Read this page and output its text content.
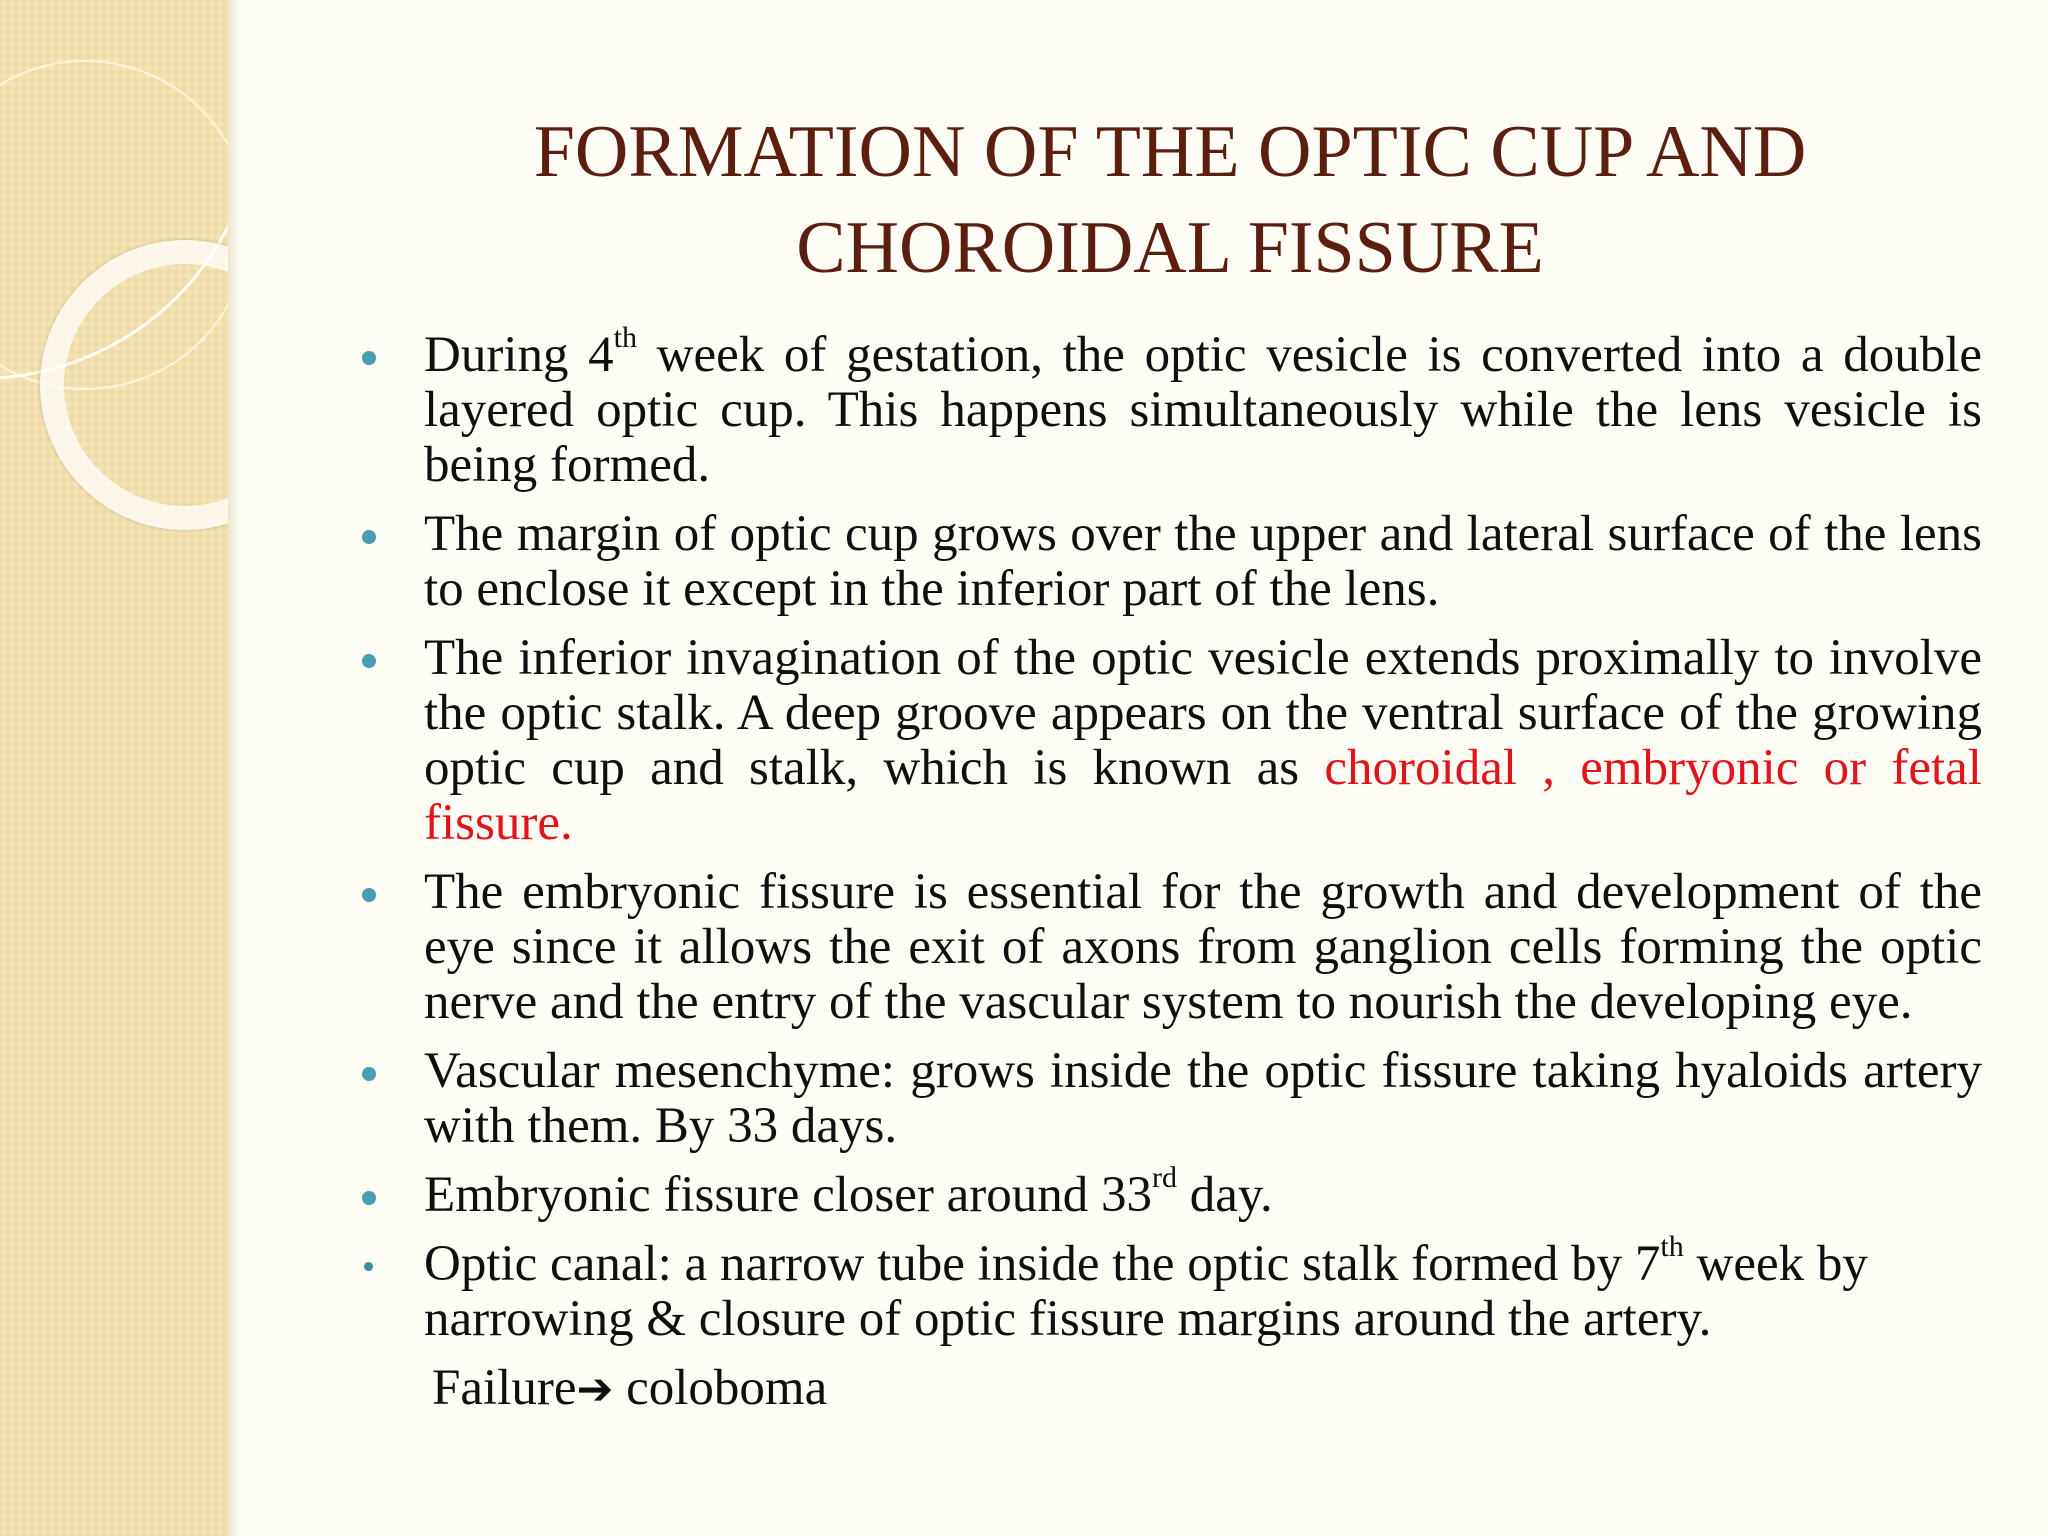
FORMATION OF THE OPTIC CUP AND
CHOROIDAL FISSURE

During 4th week of gestation, the optic vesicle is converted into a double layered optic cup. This happens simultaneously while the lens vesicle is being formed.

The margin of optic cup grows over the upper and lateral surface of the lens to enclose it except in the inferior part of the lens.

The inferior invagination of the optic vesicle extends proximally to involve the optic stalk. A deep groove appears on the ventral surface of the growing optic cup and stalk, which is known as choroidal , embryonic or fetal fissure.

The embryonic fissure is essential for the growth and development of the eye since it allows the exit of axons from ganglion cells forming the optic nerve and the entry of the vascular system to nourish the developing eye.

Vascular mesenchyme: grows inside the optic fissure taking hyaloids artery with them. By 33 days.

Embryonic fissure closer around 33rd day.

Optic canal: a narrow tube inside the optic stalk formed by 7th week by narrowing & closure of optic fissure margins around the artery.

Failure➔ coloboma
